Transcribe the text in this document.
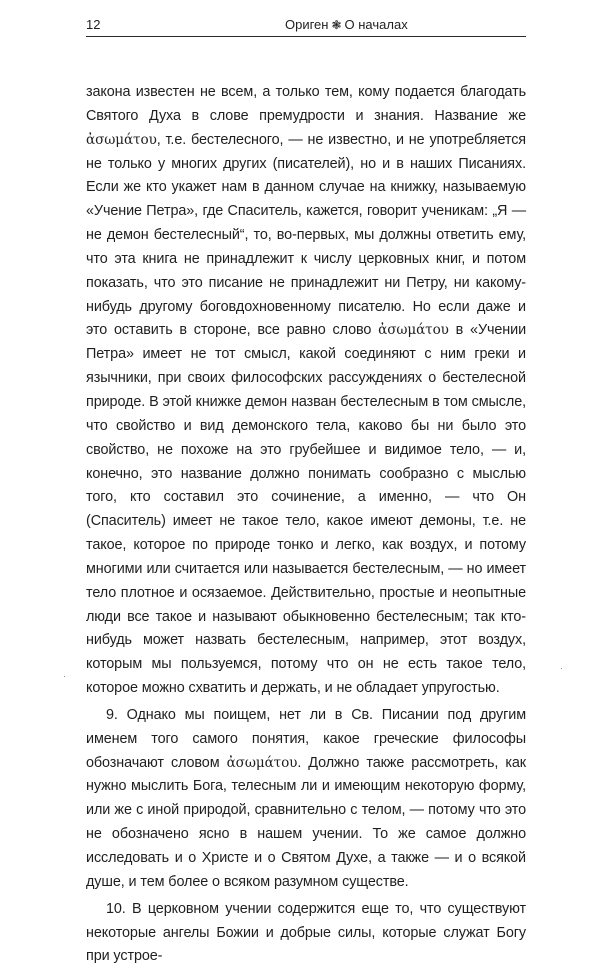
12	Ориген ❃ О началах

закона известен не всем, а только тем, кому подается благодать Святого Духа в слове премудрости и знания. Название же ἀσωμάτου, т.е. бестелесного, — не известно, и не употребляется не только у многих других (писателей), но и в наших Писаниях. Если же кто укажет нам в данном случае на книжку, называемую «Учение Петра», где Спаситель, кажется, говорит ученикам: „Я — не демон бестелесный“, то, во-первых, мы должны ответить ему, что эта книга не принадлежит к числу церковных книг, и потом показать, что это писание не принадлежит ни Петру, ни какому-нибудь другому боговдохновенному писателю. Но если даже и это оставить в стороне, все равно слово ἀσωμάτου в «Учении Петра» имеет не тот смысл, какой соединяют с ним греки и язычники, при своих философских рассуждениях о бестелесной природе. В этой книжке демон назван бестелесным в том смысле, что свойство и вид демонского тела, каково бы ни было это свойство, не похоже на это грубейшее и видимое тело, — и, конечно, это название должно понимать сообразно с мыслью того, кто составил это сочинение, а именно, — что Он (Спаситель) имеет не такое тело, какое имеют демоны, т.е. не такое, которое по природе тонко и легко, как воздух, и потому многими или считается или называется бестелесным, — но имеет тело плотное и осязаемое. Действительно, простые и неопытные люди все такое и называют обыкновенно бестелесным; так кто-нибудь может назвать бестелесным, например, этот воздух, которым мы пользуемся, потому что он не есть такое тело, которое можно схватить и держать, и не обладает упругостью.

9. Однако мы поищем, нет ли в Св. Писании под другим именем того самого понятия, какое греческие философы обозначают словом ἀσωμάτου. Должно также рассмотреть, как нужно мыслить Бога, телесным ли и имеющим некоторую форму, или же с иной природой, сравнительно с телом, — потому что это не обозначено ясно в нашем учении. То же самое должно исследовать и о Христе и о Святом Духе, а также — и о всякой душе, и тем более о всяком разумном существе.

10. В церковном учении содержится еще то, что существуют некоторые ангелы Божии и добрые силы, которые служат Богу при устрое-

·
·
